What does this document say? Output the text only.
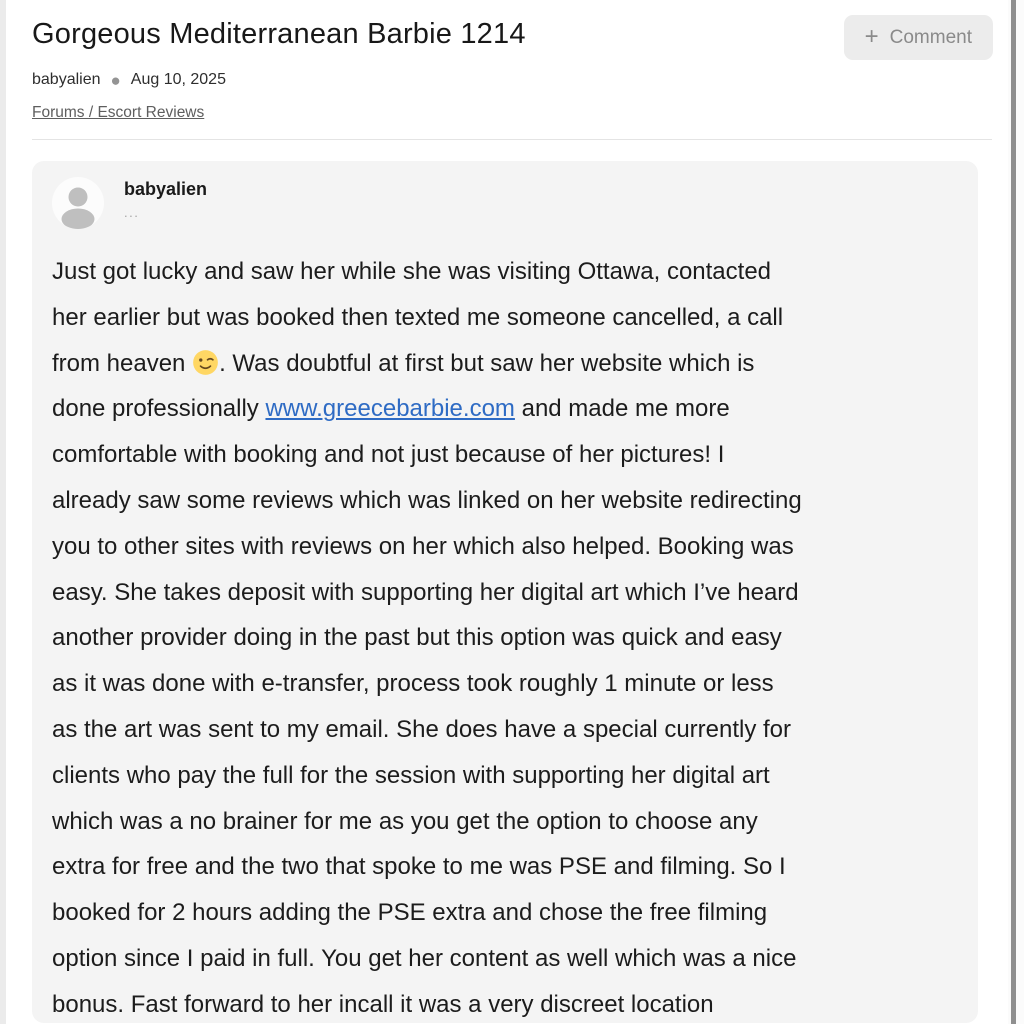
Gorgeous Mediterranean Barbie 1214	+ Comment
babyalien ● Aug 10, 2025
Forums / Escort Reviews
babyalien
...
Just got lucky and saw her while she was visiting Ottawa, contacted
her earlier but was booked then texted me someone cancelled, a call
from heaven
. Was doubtful at first but saw her website which is
done professionally www.greecebarbie.com and made me more
comfortable with booking and not just because of her pictures! I
already saw some reviews which was linked on her website redirecting
you to other sites with reviews on her which also helped. Booking was
easy. She takes deposit with supporting her digital art which I’ve heard
another provider doing in the past but this option was quick and easy
as it was done with e-transfer, process took roughly 1 minute or less
as the art was sent to my email. She does have a special currently for
clients who pay the full for the session with supporting her digital art
which was a no brainer for me as you get the option to choose any
extra for free and the two that spoke to me was PSE and filming. So I
booked for 2 hours adding the PSE extra and chose the free filming
option since I paid in full. You get her content as well which was a nice
bonus. Fast forward to her incall it was a very discreet location
